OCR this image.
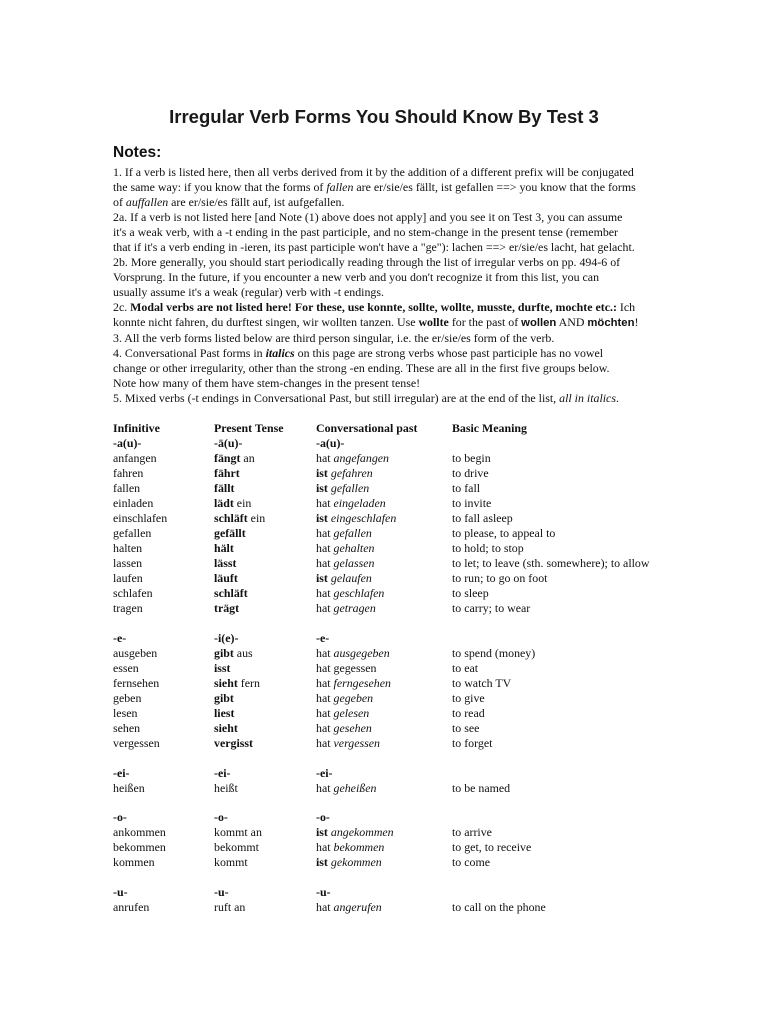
Irregular Verb Forms You Should Know By Test 3
Notes:
1. If a verb is listed here, then all verbs derived from it by the addition of a different prefix will be conjugated
the same way: if you know that the forms of fallen are er/sie/es fällt, ist gefallen ==> you know that the forms
of auffallen are er/sie/es fällt auf, ist aufgefallen.
2a. If a verb is not listed here [and Note (1) above does not apply] and you see it on Test 3, you can assume
it's a weak verb, with a -t ending in the past participle, and no stem-change in the present tense (remember
that if it's a verb ending in -ieren, its past participle won't have a "ge"): lachen ==> er/sie/es lacht, hat gelacht.
2b. More generally, you should start periodically reading through the list of irregular verbs on pp. 494-6 of
Vorsprung. In the future, if you encounter a new verb and you don't recognize it from this list, you can
usually assume it's a weak (regular) verb with -t endings.
2c. Modal verbs are not listed here! For these, use konnte, sollte, wollte, musste, durfte, mochte etc.: Ich
konnte nicht fahren, du durftest singen, wir wollten tanzen. Use wollte for the past of wollen AND möchten!
3. All the verb forms listed below are third person singular, i.e. the er/sie/es form of the verb.
4. Conversational Past forms in italics on this page are strong verbs whose past participle has no vowel
change or other irregularity, other than the strong -en ending. These are all in the first five groups below.
Note how many of them have stem-changes in the present tense!
5. Mixed verbs (-t endings in Conversational Past, but still irregular) are at the end of the list, all in italics.
Infinitive	Present Tense	Conversational past	Basic Meaning
-a(u)-	-ä(u)-	-a(u)-	
anfangen	fängt an	hat angefangen	to begin
fahren	fährt	ist gefahren	to drive
fallen	fällt	ist gefallen	to fall
einladen	lädt ein	hat eingeladen	to invite
einschlafen	schläft ein	ist eingeschlafen	to fall asleep
gefallen	gefällt	hat gefallen	to please, to appeal to
halten	hält	hat gehalten	to hold; to stop
lassen	lässt	hat gelassen	to let; to leave (sth. somewhere); to allow
laufen	läuft	ist gelaufen	to run; to go on foot
schlafen	schläft	hat geschlafen	to sleep
tragen	trägt	hat getragen	to carry; to wear

-e-	-i(e)-	-e-	
ausgeben	gibt aus	hat ausgegeben	to spend (money)
essen	isst	hat gegessen	to eat
fernsehen	sieht fern	hat ferngesehen	to watch TV
geben	gibt	hat gegeben	to give
lesen	liest	hat gelesen	to read
sehen	sieht	hat gesehen	to see
vergessen	vergisst	hat vergessen	to forget

-ei-	-ei-	-ei-	
heißen	heißt	hat geheißen	to be named

-o-	-o-	-o-	
ankommen	kommt an	ist angekommen	to arrive
bekommen	bekommt	hat bekommen	to get, to receive
kommen	kommt	ist gekommen	to come

-u-	-u-	-u-	
anrufen	ruft an	hat angerufen	to call on the phone
